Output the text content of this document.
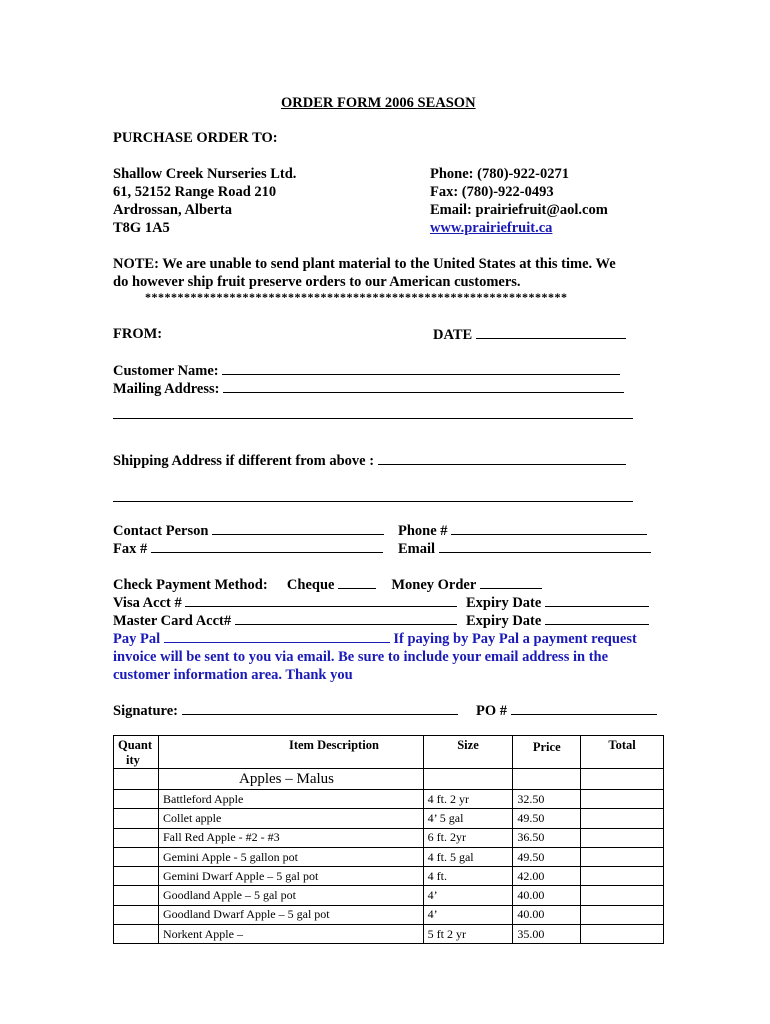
ORDER FORM 2006 SEASON
PURCHASE ORDER TO:
Shallow Creek Nurseries Ltd.
61, 52152 Range Road 210
Ardrossan, Alberta
T8G 1A5
Phone: (780)-922-0271
Fax: (780)-922-0493
Email: prairiefruit@aol.com
www.prairiefruit.ca
NOTE: We are unable to send plant material to the United States at this time. We
do however ship fruit preserve orders to our American customers.
*****************************************************************
FROM:	DATE
Customer Name:
Mailing Address:
Shipping Address if different from above :
Contact Person	Phone #
Fax #	Email
Check Payment Method: Cheque	Money Order
Visa Acct #	Expiry Date
Master Card Acct#	Expiry Date
Pay Pal	If paying by Pay Pal a payment request
invoice will be sent to you via email. Be sure to include your email address in the
customer information area. Thank you
Signature:	PO #
Quant
ity	Item Description	Size	Price	Total
	Apples – Malus			
	Battleford Apple	4 ft. 2 yr	32.50	
	Collet apple	4’ 5 gal	49.50	
	Fall Red Apple - #2 - #3	6 ft. 2yr	36.50	
	Gemini Apple - 5 gallon pot	4 ft. 5 gal	49.50	
	Gemini Dwarf Apple – 5 gal pot	4 ft.	42.00	
	Goodland Apple – 5 gal pot	4’	40.00	
	Goodland Dwarf Apple – 5 gal pot	4’	40.00	
	Norkent Apple –	5 ft 2 yr	35.00	
